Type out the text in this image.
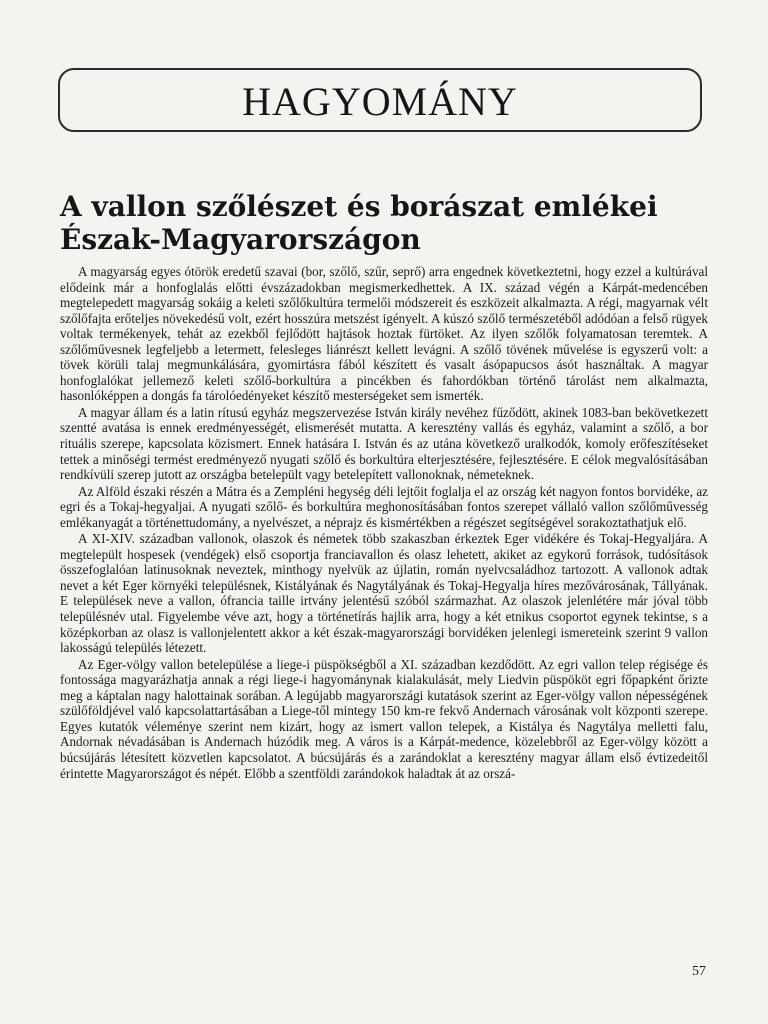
HAGYOMÁNY
A vallon szőlészet és borászat emlékei Észak-Magyarországon

A magyarság egyes ótörök eredetű szavai (bor, szőlő, szűr, seprő) arra engednek következtetni, hogy ezzel a kultúrával elődeink már a honfoglalás előtti évszázadokban megismerkedhettek. A IX. század végén a Kárpát-medencében megtelepedett magyarság sokáig a keleti szőlőkultúra termelői módszereit és eszközeit alkalmazta. A régi, magyarnak vélt szőlőfajta erőteljes növekedésű volt, ezért hosszúra metszést igényelt. A kúszó szőlő természetéből adódóan a felső rügyek voltak termékenyek, tehát az ezekből fejlődött hajtások hoztak fürtöket. Az ilyen szőlők folyamatosan teremtek. A szőlőművesnek legfeljebb a letermett, felesleges liánrészt kellett levágni. A szőlő tövének művelése is egyszerű volt: a tövek körüli talaj megmunkálására, gyomirtásra fából készített és vasalt ásópapucsos ásót használtak. A magyar honfoglalókat jellemező keleti szőlő-borkultúra a pincékben és fahordókban történő tárolást nem alkalmazta, hasonlóképpen a dongás fa tárolóedényeket készítő mesterségeket sem ismerték.

A magyar állam és a latin rítusú egyház megszervezése István király nevéhez fűződött, akinek 1083-ban bekövetkezett szentté avatása is ennek eredményességét, elismerését mutatta. A keresztény vallás és egyház, valamint a szőlő, a bor rituális szerepe, kapcsolata közismert. Ennek hatására I. István és az utána következő uralkodók, komoly erőfeszítéseket tettek a minőségi termést eredményező nyugati szőlő és borkultúra elterjesztésére, fejlesztésére. E célok megvalósításában rendkívüli szerep jutott az országba betelepült vagy betelepített vallonoknak, németeknek.

Az Alföld északi részén a Mátra és a Zempléni hegység déli lejtőit foglalja el az ország két nagyon fontos borvidéke, az egri és a Tokaj-hegyaljai. A nyugati szőlő- és borkultúra meghonosításában fontos szerepet vállaló vallon szőlőművesség emlékanyagát a történettudomány, a nyelvészet, a néprajz és kismértékben a régészet segítségével sorakoztathatjuk elő.

A XI-XIV. században vallonok, olaszok és németek több szakaszban érkeztek Eger vidékére és Tokaj-Hegyaljára. A megtelepült hospesek (vendégek) első csoportja franciavallon és olasz lehetett, akiket az egykorú források, tudósítások összefoglalóan latinusoknak neveztek, minthogy nyelvük az újlatin, román nyelvcsaládhoz tartozott. A vallonok adtak nevet a két Eger környéki településnek, Kistályának és Nagytályának és Tokaj-Hegyalja híres mezővárosának, Tállyának. E települések neve a vallon, ófrancia taille irtvány jelentésű szóból származhat. Az olaszok jelenlétére már jóval több településnév utal. Figyelembe véve azt, hogy a történetírás hajlik arra, hogy a két etnikus csoportot egynek tekintse, s a középkorban az olasz is vallonjelentett akkor a két észak-magyarországi borvidéken jelenlegi ismereteink szerint 9 vallon lakosságú település létezett.

Az Eger-völgy vallon betelepülése a liege-i püspökségből a XI. században kezdődött. Az egri vallon telep régisége és fontossága magyarázhatja annak a régi liege-i hagyománynak kialakulását, mely Liedvin püspököt egri főpapként őrizte meg a káptalan nagy halottainak sorában. A legújabb magyarországi kutatások szerint az Eger-völgy vallon népességének szülőföldjével való kapcsolattartásában a Liege-től mintegy 150 km-re fekvő Andernach városának volt központi szerepe. Egyes kutatók véleménye szerint nem kizárt, hogy az ismert vallon telepek, a Kistálya és Nagytálya melletti falu, Andornak névadásában is Andernach húzódik meg. A város is a Kárpát-medence, közelebbről az Eger-völgy között a búcsújárás létesített közvetlen kapcsolatot. A búcsújárás és a zarándoklat a keresztény magyar állam első évtizedeitől érintette Magyarországot és népét. Előbb a szentföldi zarándokok haladtak át az orszá-

57
